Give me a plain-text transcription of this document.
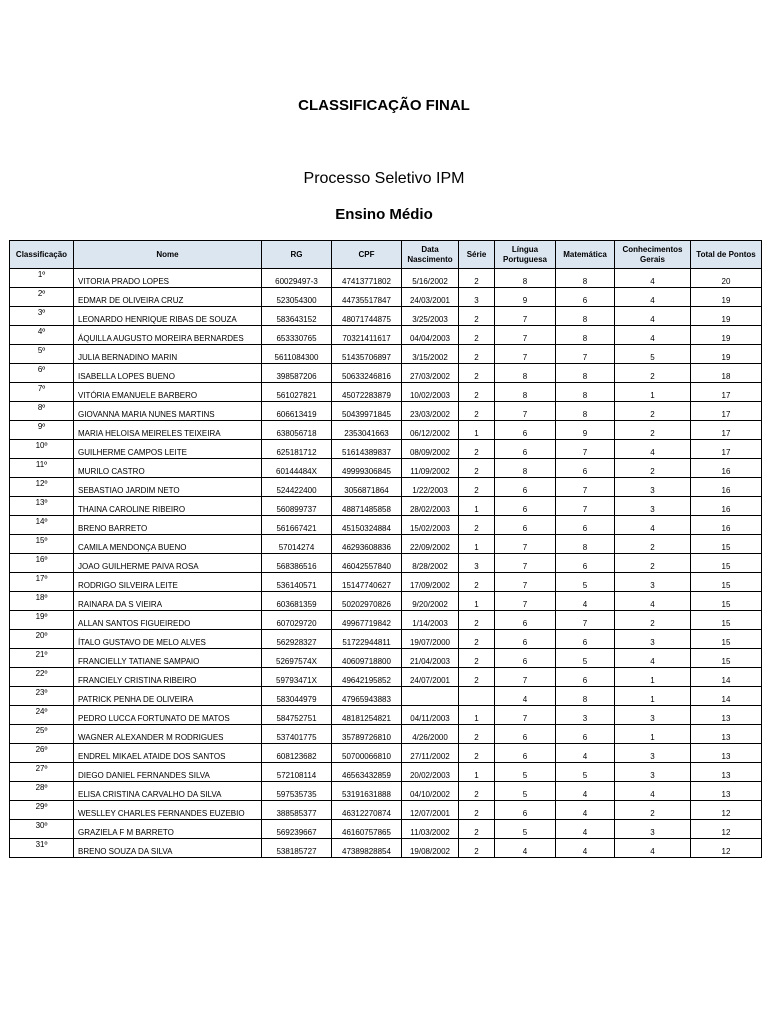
CLASSIFICAÇÃO FINAL
Processo Seletivo IPM
Ensino Médio
Classificação	Nome	RG	CPF	Data Nascimento	Série	Língua Portuguesa	Matemática	Conhecimentos Gerais	Total de Pontos
1º	VITORIA PRADO LOPES	60029497-3	47413771802	5/16/2002	2	8	8	4	20
2º	EDMAR DE OLIVEIRA CRUZ	523054300	44735517847	24/03/2001	3	9	6	4	19
3º	LEONARDO HENRIQUE RIBAS DE SOUZA	583643152	48071744875	3/25/2003	2	7	8	4	19
4º	ÁQUILLA AUGUSTO MOREIRA BERNARDES	653330765	70321411617	04/04/2003	2	7	8	4	19
5º	JULIA BERNADINO MARIN	5611084300	51435706897	3/15/2002	2	7	7	5	19
6º	ISABELLA LOPES BUENO	398587206	50633246816	27/03/2002	2	8	8	2	18
7º	VITÓRIA EMANUELE BARBERO	561027821	45072283879	10/02/2003	2	8	8	1	17
8º	GIOVANNA MARIA NUNES MARTINS	606613419	50439971845	23/03/2002	2	7	8	2	17
9º	MARIA HELOISA MEIRELES TEIXEIRA	638056718	2353041663	06/12/2002	1	6	9	2	17
10º	GUILHERME CAMPOS LEITE	625181712	51614389837	08/09/2002	2	6	7	4	17
11º	MURILO CASTRO	60144484X	49999306845	11/09/2002	2	8	6	2	16
12º	SEBASTIAO JARDIM NETO	524422400	3056871864	1/22/2003	2	6	7	3	16
13º	THAINA CAROLINE RIBEIRO	560899737	48871485858	28/02/2003	1	6	7	3	16
14º	BRENO BARRETO	561667421	45150324884	15/02/2003	2	6	6	4	16
15º	CAMILA MENDONÇA BUENO	57014274	46293608836	22/09/2002	1	7	8	2	15
16º	JOAO GUILHERME PAIVA ROSA	568386516	46042557840	8/28/2002	3	7	6	2	15
17º	RODRIGO SILVEIRA LEITE	536140571	15147740627	17/09/2002	2	7	5	3	15
18º	RAINARA DA S VIEIRA	603681359	50202970826	9/20/2002	1	7	4	4	15
19º	ALLAN SANTOS FIGUEIREDO	607029720	49967719842	1/14/2003	2	6	7	2	15
20º	ÍTALO GUSTAVO DE MELO ALVES	562928327	51722944811	19/07/2000	2	6	6	3	15
21º	FRANCIELLY TATIANE SAMPAIO	52697574X	40609718800	21/04/2003	2	6	5	4	15
22º	FRANCIELY CRISTINA RIBEIRO	59793471X	49642195852	24/07/2001	2	7	6	1	14
23º	PATRICK PENHA DE OLIVEIRA	583044979	47965943883			4	8	1	14
24º	PEDRO LUCCA FORTUNATO DE MATOS	584752751	48181254821	04/11/2003	1	7	3	3	13
25º	WAGNER ALEXANDER M RODRIGUES	537401775	35789726810	4/26/2000	2	6	6	1	13
26º	ENDREL MIKAEL ATAIDE DOS SANTOS	608123682	50700066810	27/11/2002	2	6	4	3	13
27º	DIEGO DANIEL FERNANDES SILVA	572108114	46563432859	20/02/2003	1	5	5	3	13
28º	ELISA CRISTINA CARVALHO DA SILVA	597535735	53191631888	04/10/2002	2	5	4	4	13
29º	WESLLEY CHARLES FERNANDES EUZEBIO	388585377	46312270874	12/07/2001	2	6	4	2	12
30º	GRAZIELA F M BARRETO	569239667	46160757865	11/03/2002	2	5	4	3	12
31º	BRENO SOUZA DA SILVA	538185727	47389828854	19/08/2002	2	4	4	4	12
